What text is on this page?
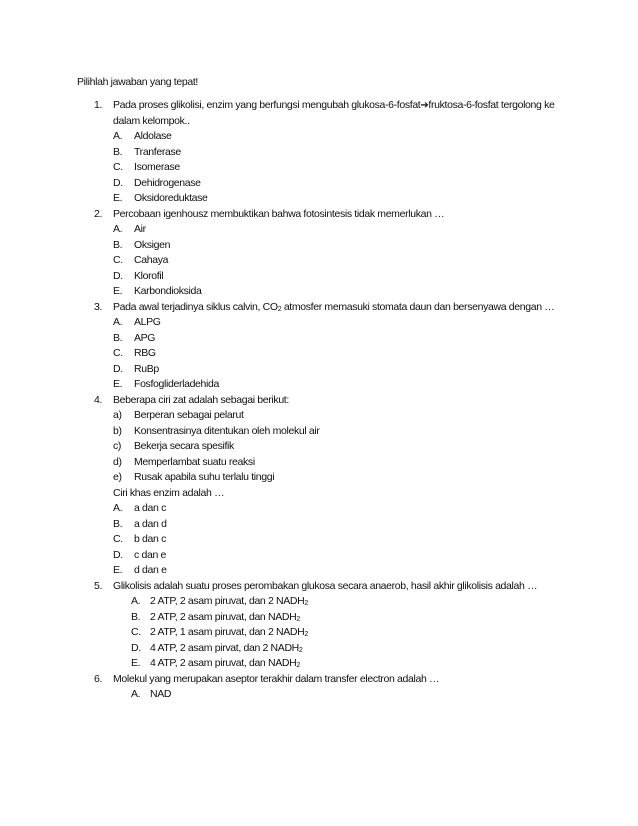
Pilihlah jawaban yang tepat!
1. Pada proses glikolisi, enzim yang berfungsi mengubah glukosa-6-fosfat➔fruktosa-6-fosfat tergolong ke dalam kelompok..
A. Aldolase
B. Tranferase
C. Isomerase
D. Dehidrogenase
E. Oksidoreduktase
2. Percobaan igenhousz membuktikan bahwa fotosintesis tidak memerlukan …
A. Air
B. Oksigen
C. Cahaya
D. Klorofil
E. Karbondioksida
3. Pada awal terjadinya siklus calvin, $CO_2$ atmosfer memasuki stomata daun dan bersenyawa dengan …
A. ALPG
B. APG
C. RBG
D. RuBp
E. Fosfogliderladehida
4. Beberapa ciri zat adalah sebagai berikut:
a) Berperan sebagai pelarut
b) Konsentrasinya ditentukan oleh molekul air
c) Bekerja secara spesifik
d) Memperlambat suatu reaksi
e) Rusak apabila suhu terlalu tinggi
Ciri khas enzim adalah …
A. a dan c
B. a dan d
C. b dan c
D. c dan e
E. d dan e
5. Glikolisis adalah suatu proses perombakan glukosa secara anaerob, hasil akhir glikolisis adalah …
A. 2 ATP, 2 asam piruvat, dan 2 $NADH_2$
B. 2 ATP, 2 asam piruvat, dan $NADH_2$
C. 2 ATP, 1 asam piruvat, dan 2 $NADH_2$
D. 4 ATP, 2 asam pirvat, dan 2 $NADH_2$
E. 4 ATP, 2 asam piruvat, dan $NADH_2$
6. Molekul yang merupakan aseptor terakhir dalam transfer electron adalah …
A. NAD
